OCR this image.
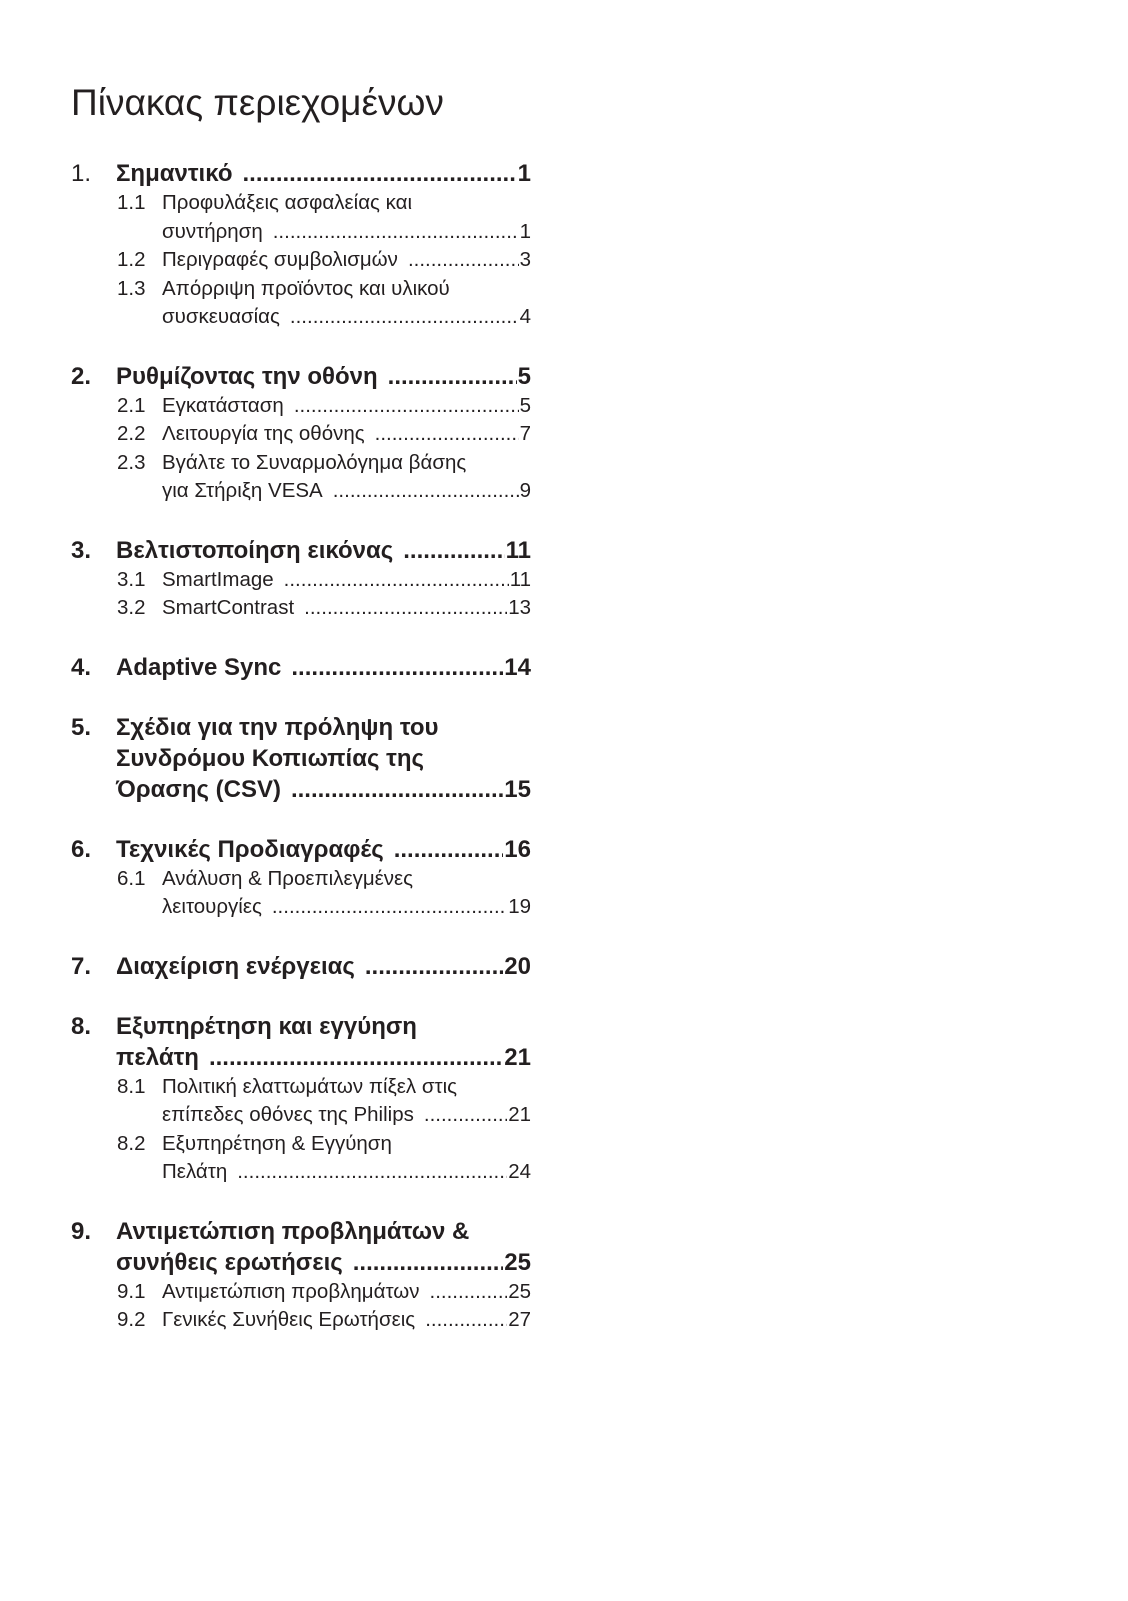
Πίνακας περιεχομένων
1.	Σημαντικό .....	1
1.1 Προφυλάξεις ασφαλείας και
συντήρηση .....	1
1.2 Περιγραφές συμβολισμών .....	3
1.3 Απόρριψη προϊόντος και υλικού
συσκευασίας .....	4
2.	Ρυθμίζοντας την οθόνη .....	5
2.1 Εγκατάσταση .....	5
2.2 Λειτουργία της οθόνης .....	7
2.3 Βγάλτε το Συναρμολόγημα βάσης
για Στήριξη VESA .....	9
3.	Βελτιστοποίηση εικόνας .....	11
3.1 SmartImage .....	11
3.2 SmartContrast .....	13
4.	Adaptive Sync .....	14
5.	Σχέδια για την πρόληψη του
Συνδρόμου Κοπιωπίας της
Όρασης (CSV) .....	15
6.	Τεχνικές Προδιαγραφές .....	16
6.1 Ανάλυση & Προεπιλεγμένες
λειτουργίες .....	19
7.	Διαχείριση ενέργειας .....	20
8.	Εξυπηρέτηση και εγγύηση
πελάτη .....	21
8.1 Πολιτική ελαττωμάτων πίξελ στις
επίπεδες οθόνες της Philips .....	21
8.2 Εξυπηρέτηση & Εγγύηση
Πελάτη .....	24
9.	Αντιμετώπιση προβλημάτων &
συνήθεις ερωτήσεις .....	25
9.1 Αντιμετώπιση προβλημάτων .....	25
9.2 Γενικές Συνήθεις Ερωτήσεις .....	27
